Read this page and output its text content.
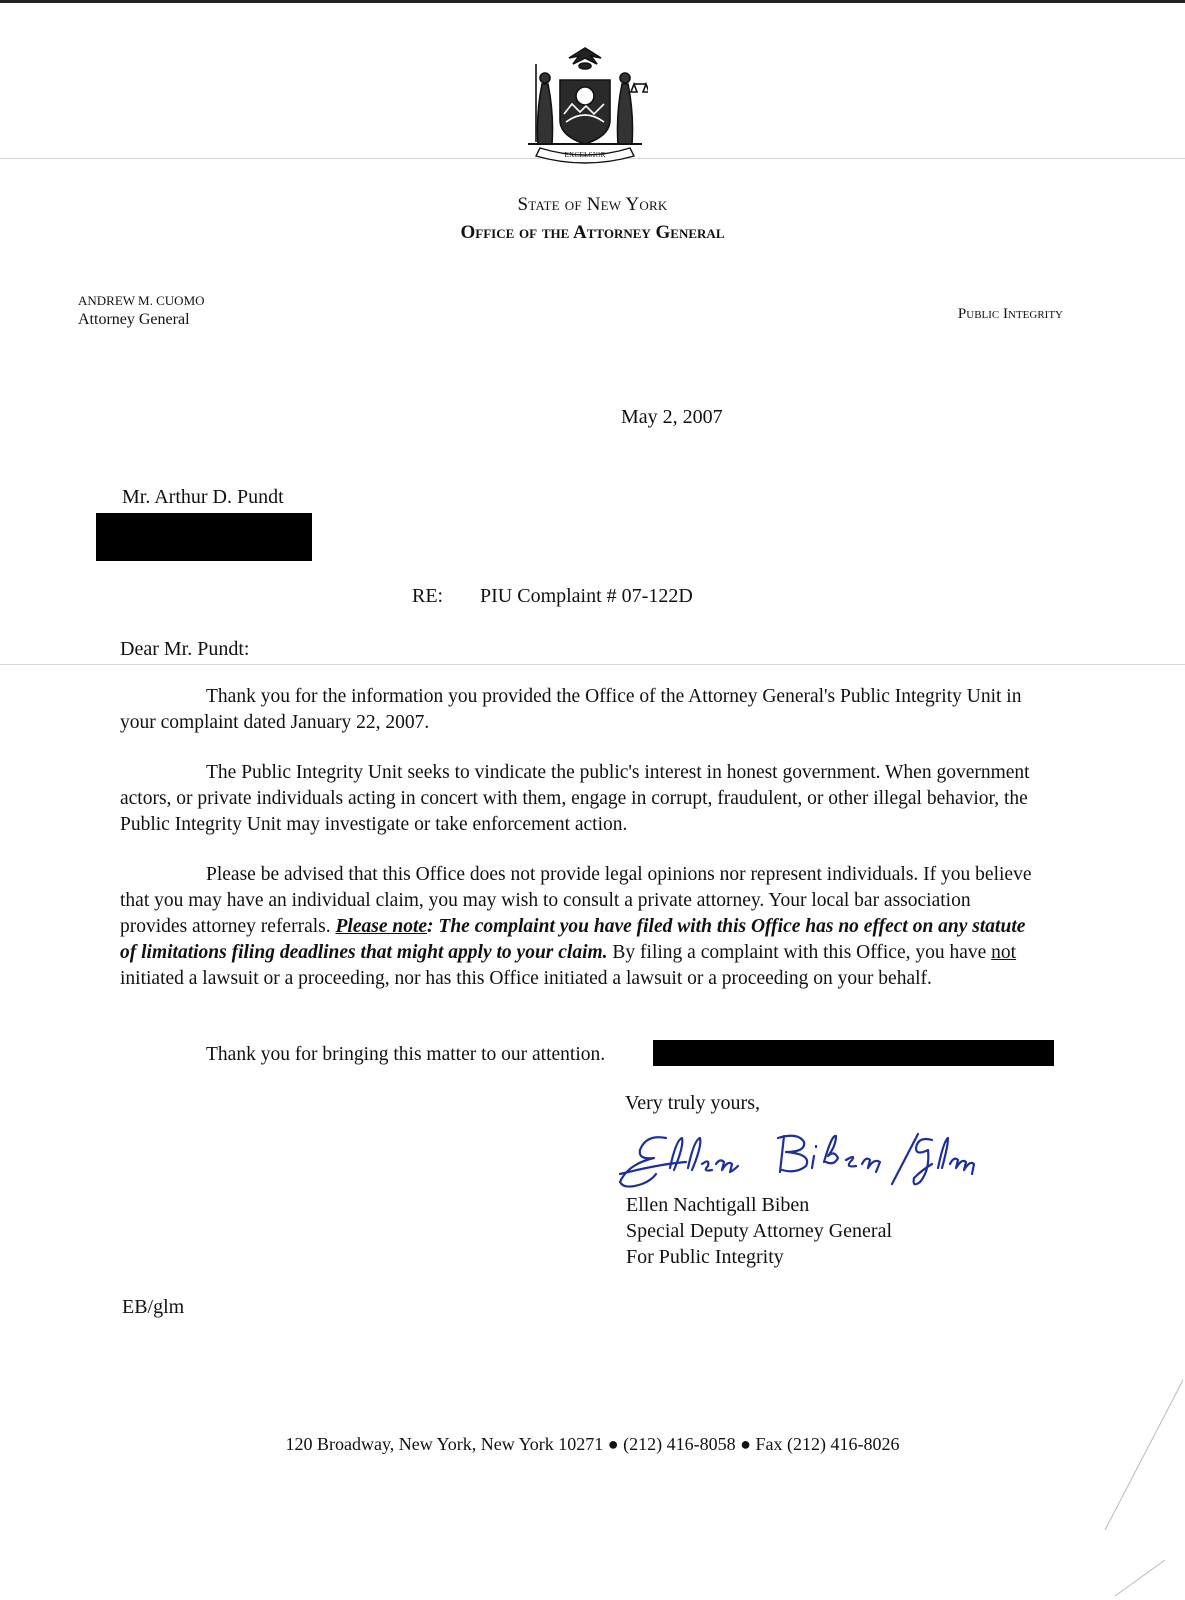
EXCELSIOR
State of New York
Office of the Attorney General
ANDREW M. CUOMO
Attorney General	Public Integrity
May 2, 2007
Mr. Arthur D. Pundt
RE: PIU Complaint # 07-122D
Dear Mr. Pundt:

Thank you for the information you provided the Office of the Attorney General's Public Integrity Unit in your complaint dated January 22, 2007.

The Public Integrity Unit seeks to vindicate the public's interest in honest government. When government actors, or private individuals acting in concert with them, engage in corrupt, fraudulent, or other illegal behavior, the Public Integrity Unit may investigate or take enforcement action.

Please be advised that this Office does not provide legal opinions nor represent individuals. If you believe that you may have an individual claim, you may wish to consult a private attorney. Your local bar association provides attorney referrals. Please note: The complaint you have filed with this Office has no effect on any statute of limitations filing deadlines that might apply to your claim. By filing a complaint with this Office, you have not initiated a lawsuit or a proceeding, nor has this Office initiated a lawsuit or a proceeding on your behalf.

Thank you for bringing this matter to our attention.

Very truly yours,
Ellen Biben/glm
Ellen Nachtigall Biben
Special Deputy Attorney General
For Public Integrity
EB/glm
120 Broadway, New York, New York 10271 ● (212) 416-8058 ● Fax (212) 416-8026
